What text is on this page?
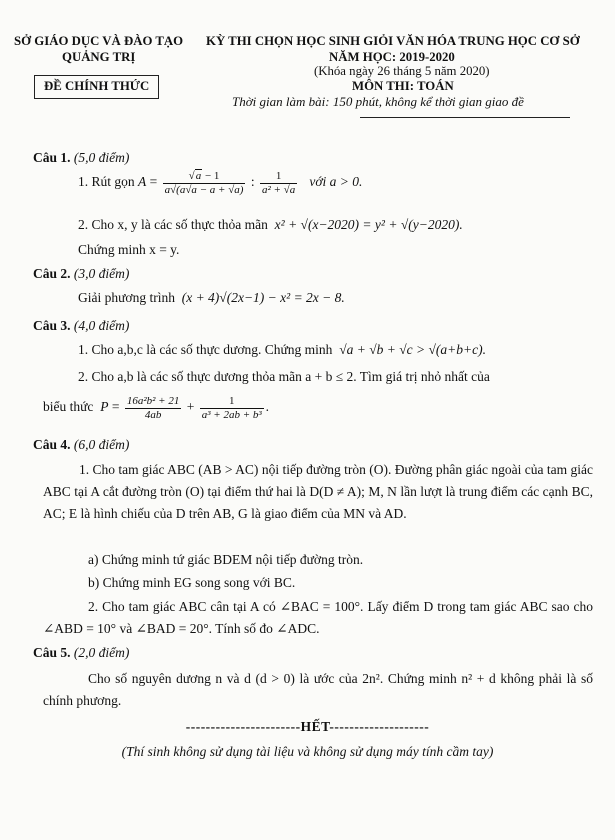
SỞ GIÁO DỤC VÀ ĐÀO TẠO
QUẢNG TRỊ
ĐỀ CHÍNH THỨC
KỲ THI CHỌN HỌC SINH GIỎI VĂN HÓA TRUNG HỌC CƠ SỞ
NĂM HỌC: 2019-2020
(Khóa ngày 26 tháng 5 năm 2020)
MÔN THI: TOÁN
Thời gian làm bài: 150 phút, không kể thời gian giao đề
Câu 1. (5,0 điểm)
1. Rút gọn $A = \frac{√a - 1}{a√(a√a - a + √a)}$ : $\frac{1}{\text{a² + √a}}$ với a > 0.
2. Cho x, y là các số thực thỏa mãn x² + √(x−2020) = y² + √(y−2020).
Chứng minh x = y.
Câu 2. (3,0 điểm)
Giải phương trình (x + 4)√(2x−1) − x² = 2x − 8.
Câu 3. (4,0 điểm)
1. Cho a,b,c là các số thực dương. Chứng minh √a + √b + √c > √(a+b+c).
2. Cho a,b là các số thực dương thỏa mãn a + b ≤ 2. Tìm giá trị nhỏ nhất của
biểu thức $P = \frac{\text{16a²b² + 21}}{4ab} + \frac{1}{\text{a³ + 2ab + b³}}$ .
Câu 4. (6,0 điểm)
1. Cho tam giác ABC (AB > AC) nội tiếp đường tròn (O). Đường phân giác ngoài của tam giác ABC tại A cắt đường tròn (O) tại điểm thứ hai là D(D ≠ A); M, N lần lượt là trung điểm các cạnh BC, AC; E là hình chiếu của D trên AB, G là giao điểm của MN và AD.
a) Chứng minh tứ giác BDEM nội tiếp đường tròn.
b) Chứng minh EG song song với BC.
2. Cho tam giác ABC cân tại A có ∠BAC = 100°. Lấy điểm D trong tam giác ABC sao cho ∠ABD = 10° và ∠BAD = 20°. Tính số đo ∠ADC.
Câu 5. (2,0 điểm)
Cho số nguyên dương n và d (d > 0) là ước của 2n². Chứng minh n² + d không phải là số chính phương.
-----------------------HẾT--------------------
(Thí sinh không sử dụng tài liệu và không sử dụng máy tính cầm tay)
